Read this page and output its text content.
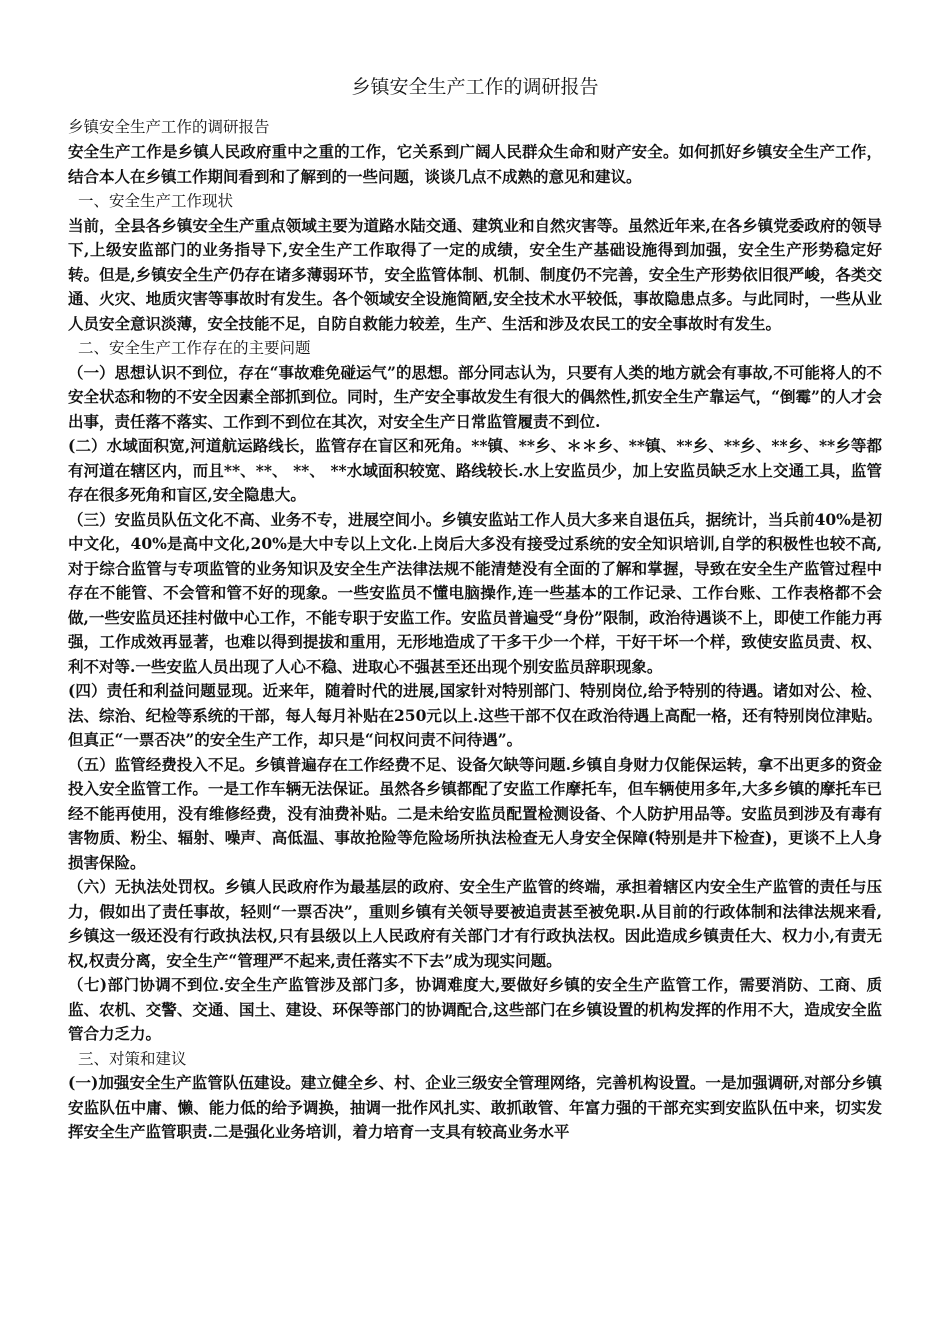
乡镇安全生产工作的调研报告

乡镇安全生产工作的调研报告

安全生产工作是乡镇人民政府重中之重的工作，它关系到广阔人民群众生命和财产安全。如何抓好乡镇安全生产工作，结合本人在乡镇工作期间看到和了解到的一些问题，谈谈几点不成熟的意见和建议。

一、安全生产工作现状

当前，全县各乡镇安全生产重点领域主要为道路水陆交通、建筑业和自然灾害等。虽然近年来,在各乡镇党委政府的领导下,上级安监部门的业务指导下,安全生产工作取得了一定的成绩，安全生产基础设施得到加强，安全生产形势稳定好转。但是,乡镇安全生产仍存在诸多薄弱环节，安全监管体制、机制、制度仍不完善，安全生产形势依旧很严峻，各类交通、火灾、地质灾害等事故时有发生。各个领域安全设施简陋,安全技术水平较低，事故隐患点多。与此同时，一些从业人员安全意识淡薄，安全技能不足，自防自救能力较差，生产、生活和涉及农民工的安全事故时有发生。

二、安全生产工作存在的主要问题

（一）思想认识不到位，存在“事故难免碰运气”的思想。部分同志认为，只要有人类的地方就会有事故,不可能将人的不安全状态和物的不安全因素全部抓到位。同时，生产安全事故发生有很大的偶然性,抓安全生产靠运气，“倒霉”的人才会出事，责任落不落实、工作到不到位在其次，对安全生产日常监管履责不到位.

(二）水域面积宽,河道航运路线长，监管存在盲区和死角。**镇、**乡、＊＊乡、**镇、**乡、**乡、**乡、**乡等都有河道在辖区内，而且**、**、 **、 **水域面积较宽、路线较长.水上安监员少，加上安监员缺乏水上交通工具，监管存在很多死角和盲区,安全隐患大。

（三）安监员队伍文化不高、业务不专，进展空间小。乡镇安监站工作人员大多来自退伍兵，据统计，当兵前40%是初中文化，40%是高中文化,20%是大中专以上文化.上岗后大多没有接受过系统的安全知识培训,自学的积极性也较不高,对于综合监管与专项监管的业务知识及安全生产法律法规不能清楚没有全面的了解和掌握，导致在安全生产监管过程中存在不能管、不会管和管不好的现象。一些安监员不懂电脑操作,连一些基本的工作记录、工作台账、工作表格都不会做,一些安监员还挂村做中心工作，不能专职于安监工作。安监员普遍受“身份”限制，政治待遇谈不上，即使工作能力再强，工作成效再显著，也难以得到提拔和重用，无形地造成了干多干少一个样，干好干坏一个样，致使安监员责、权、利不对等.一些安监人员出现了人心不稳、进取心不强甚至还出现个别安监员辞职现象。

(四）责任和利益问题显现。近来年，随着时代的进展,国家针对特别部门、特别岗位,给予特别的待遇。诸如对公、检、法、综治、纪检等系统的干部，每人每月补贴在250元以上.这些干部不仅在政治待遇上高配一格，还有特别岗位津贴。但真正“一票否决”的安全生产工作，却只是“问权问责不问待遇”。

（五）监管经费投入不足。乡镇普遍存在工作经费不足、设备欠缺等问题.乡镇自身财力仅能保运转，拿不出更多的资金投入安全监管工作。一是工作车辆无法保证。虽然各乡镇都配了安监工作摩托车，但车辆使用多年,大多乡镇的摩托车已经不能再使用，没有维修经费，没有油费补贴。二是未给安监员配置检测设备、个人防护用品等。安监员到涉及有毒有害物质、粉尘、辐射、噪声、高低温、事故抢险等危险场所执法检查无人身安全保障(特别是井下检查)，更谈不上人身损害保险。

（六）无执法处罚权。乡镇人民政府作为最基层的政府、安全生产监管的终端，承担着辖区内安全生产监管的责任与压力，假如出了责任事故，轻则“一票否决”，重则乡镇有关领导要被追责甚至被免职.从目前的行政体制和法律法规来看,乡镇这一级还没有行政执法权,只有县级以上人民政府有关部门才有行政执法权。因此造成乡镇责任大、权力小,有责无权,权责分离，安全生产“管理严不起来,责任落实不下去”成为现实问题。

（七)部门协调不到位.安全生产监管涉及部门多，协调难度大,要做好乡镇的安全生产监管工作，需要消防、工商、质监、农机、交警、交通、国土、建设、环保等部门的协调配合,这些部门在乡镇设置的机构发挥的作用不大，造成安全监管合力乏力。

三、对策和建议

(一)加强安全生产监管队伍建设。建立健全乡、村、企业三级安全管理网络，完善机构设置。一是加强调研,对部分乡镇安监队伍中庸、懒、能力低的给予调换，抽调一批作风扎实、敢抓敢管、年富力强的干部充实到安监队伍中来，切实发挥安全生产监管职责.二是强化业务培训，着力培育一支具有较高业务水平
